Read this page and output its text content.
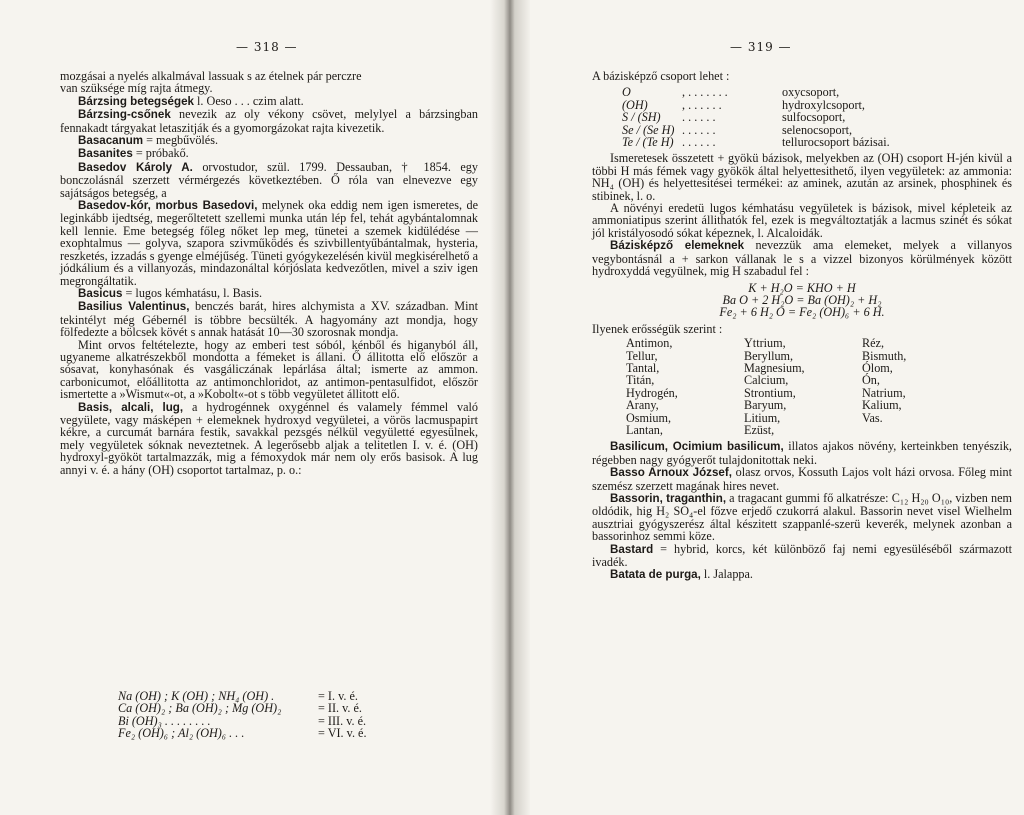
— 318 —

mozgásai a nyelés alkalmával lassuak s az ételnek pár perczre

van szüksége míg rajta átmegy.

Bárzsing betegségek l. Oeso . . . czim alatt.

Bárzsing-csőnek nevezik az oly vékony csövet, melylyel a bárzsingban fennakadt tárgyakat letaszitják és a gyomorgázokat rajta kivezetik.

Basacanum = megbűvölés.

Basanites = próbakő.

Basedov Károly A. orvostudor, szül. 1799. Dessauban, † 1854. egy bonczolásnál szerzett vérmérgezés következtében. Ő róla van elnevezve egy sajátságos betegség, a

Basedov-kór, morbus Basedovi, melynek oka eddig nem igen ismeretes, de leginkább ijedtség, megerőltetett szellemi munka után lép fel, tehát agybántalomnak kell lennie. Eme betegség főleg nőket lep meg, tünetei a szemek kidülédése — exophtalmus — golyva, szaporа szivműködés és szivbillentyűbántalmak, hysteria, reszketés, izzadás s gyenge elméjűség. Tüneti gyógykezelésén kivül megkisérelhető a jódkálium és a villanyozás, mindazonáltal kórjóslata kedvezőtlen, mivel a sziv igen megrongáltatik.

Basicus = lugos kémhatásu, l. Basis.

Basilius Valentinus, benczés barát, hires alchymista a XV. században. Mint tekintélyt még Gébernél is többre becsülték. A hagyomány azt mondja, hogy fölfedezte a bölcsek kövét s annak hatását 10—30 szorosnak mondja.

Mint orvos feltételezte, hogy az emberi test sóból, kénből és higanyból áll, ugyaneme alkatrészekből mondotta a fémeket is állani. Ő állitotta elő először a sósavat, konyhasónak és vasgáliczának lepárlása által; ismerte az ammon. carbonicumot, előállitotta az antimonchloridot, az antimon-pentasulfidot, először ismertette a »Wismut«-ot, a »Kobolt«-ot s több vegyületet állitott elő.

Basis, alcali, lug, a hydrogénnek oxygénnel és valamely fémmel való vegyülete, vagy másképen + elemeknek hydroxyd vegyületei, a vörös lacmuspapirt kékre, a curcumát barnára festik, savakkal pezsgés nélkül vegyületté egyesülnek, mely vegyületek sóknak neveztetnek. A legerősebb aljak a telitetlen I. v. é. (OH) hydroxyl-gyököt tartalmazzák, mig a fémoxydok már nem oly erős basisok. A lug annyi v. é. a hány (OH) csoportot tartalmaz, p. o.:

Na (OH) ; K (OH) ; NH₄ (OH) .	= I. v. é.
Ca (OH)₂ ; Ba (OH)₂ ; Mg (OH)₂	= II. v. é.
Bi (OH)₃ . . . . . . . .	= III. v. é.
Fe₂ (OH)₆ ; Al₂ (OH)₆ . . .	= VI. v. é.
— 319 —

A bázisképző csoport lehet :

O	, . . . . . . .	oxycsoport,
(OH)	, . . . . . .	hydroxylcsoport,
S / (SH)	. . . . . .	sulfocsoport,
Se / (Se H) . . . . . .	selenocsoport,
Te / (Te H) . . . . . .	tellurocsoport bázisai.

Ismeretesek összetett + gyökü bázisok, melyekben az (OH) csoport H-jén kivül a többi H más fémek vagy gyökök által helyettesithető, ilyen vegyületek: az ammonia: NH₄ (OH) és helyettesitései termékei: az aminek, azután az arsinek, phosphinek és stibinek, l. o.

A növényi eredetü lugos kémhatásu vegyületek is bázisok, mivel képletеik az ammoniatipus szerint állithatók fel, ezek is megváltoztatják a lacmus szinét és sókat jól kristályosodó sókat képeznek, l. Alcaloidák.

Bázisképző elemeknek nevezzük ama elemeket, melyek a villanyos vegybontásnál a + sarkon vállanak le s a vizzel bizonyos körülmények között hydroxyddá vegyülnek, mig H szabadul fel :

K + H₂O = KHO + H
Ba O + 2 H₂O = Ba (OH)₂ + H₂
Fe₂ + 6 H₂ O = Fe₂ (OH)₆ + 6 H.

Ilyenek erősségük szerint :

Antimon,	Yttrium,	Réz,
Tellur,	Beryllum,	Bismuth,
Tantal,	Magnesium,	Ólom,
Titán,	Calcium,	Ón,
Hydrogén,	Strontium,	Natrium,
Arany,	Baryum,	Kalium,
Osmium,	Litium,	Vas.
Lantan,	Ezüst,

Basilicum, Ocimium basilicum, illatos ajakos növény, kerteinkben tenyészik, régebben nagy gyógyerőt tulajdonitottak neki.

Basso Arnoux József, olasz orvos, Kossuth Lajos volt házi orvosa. Főleg mint szemész szerzett magának hires nevet.

Bassorin, traganthin, a tragacant gummi fő alkatrésze: C₁₂ H₂₀ O₁₀, vizben nem oldódik, hig H₂ SO₄-el főzve erjedő czukorrá alakul. Bassorin nevet visel Wielhelm ausztriai gyógyszerész által készitett szappanlé-szerü keverék, melynek azonban a bassorinhoz semmi köze.

Bastard = hybrid, korcs, két különböző faj nemi egyesüléséből származott ivadék.

Batata de purga, l. Jalappa.
